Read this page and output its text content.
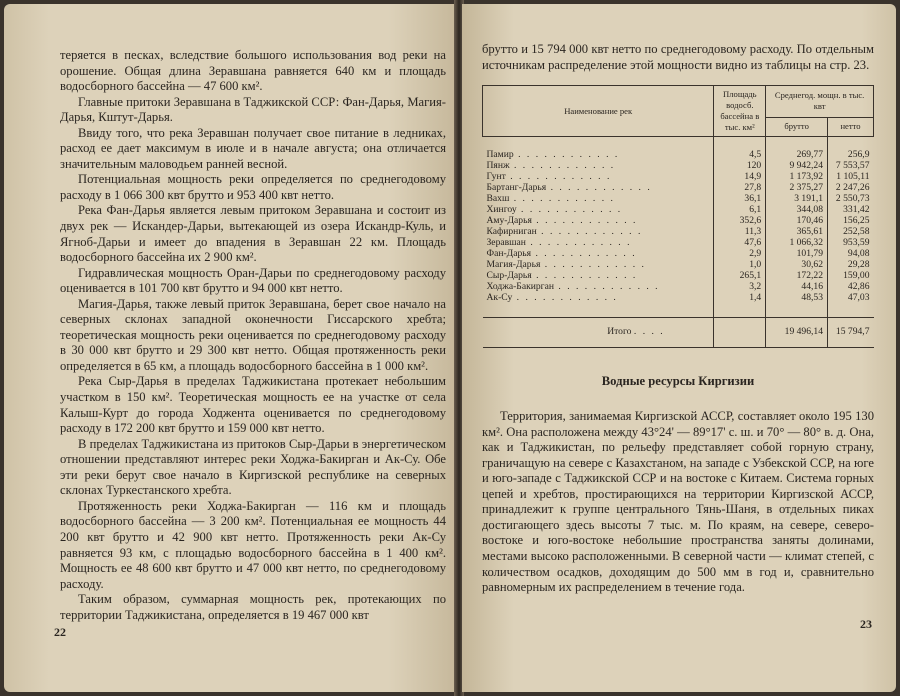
теряется в песках, вследствие большого использования вод реки на орошение. Общая длина Зеравшана равняется 640 км и площадь водосборного бассейна — 47 600 км².

Главные притоки Зеравшана в Таджикской ССР: Фан-Дарья, Магия-Дарья, Кштут-Дарья.

Ввиду того, что река Зеравшан получает свое питание в ледниках, расход ее дает максимум в июле и в начале августа; она отличается значительным маловодьем ранней весной.

Потенциальная мощность реки определяется по среднегодовому расходу в 1 066 300 квт брутто и 953 400 квт нетто.

Река Фан-Дарья является левым притоком Зеравшана и состоит из двух рек — Искандер-Дарьи, вытекающей из озера Искандр-Куль, и Ягноб-Дарьи и имеет до впадения в Зеравшан 22 км. Площадь водосборного бассейна их 2 900 км².

Гидравлическая мощность Оран-Дарьи по среднегодовому расходу оценивается в 101 700 квт брутто и 94 000 квт нетто.

Магия-Дарья, также левый приток Зеравшана, берет свое начало на северных склонах западной оконечности Гиссарского хребта; теоретическая мощность реки оценивается по среднегодовому расходу в 30 000 квт брутто и 29 300 квт нетто. Общая протяженность реки определяется в 65 км, а площадь водосборного бассейна в 1 000 км².

Река Сыр-Дарья в пределах Таджикистана протекает небольшим участком в 150 км². Теоретическая мощность ее на участке от села Калыш-Курт до города Ходжента оценивается по среднегодовому расходу в 172 200 квт брутто и 159 000 квт нетто.

В пределах Таджикистана из притоков Сыр-Дарьи в энергетическом отношении представляют интерес реки Ходжа-Бакирган и Ак-Су. Обе эти реки берут свое начало в Киргизской республике на северных склонах Туркестанского хребта.

Протяженность реки Ходжа-Бакирган — 116 км и площадь водосборного бассейна — 3 200 км². Потенциальная ее мощность 44 200 квт брутто и 42 900 квт нетто. Протяженность реки Ак-Су равняется 93 км, с площадью водосборного бассейна в 1 400 км². Мощность ее 48 600 квт брутто и 47 000 квт нетто, по среднегодовому расходу.

Таким образом, суммарная мощность рек, протекающих по территории Таджикистана, определяется в 19 467 000 квт

22

брутто и 15 794 000 квт нетто по среднегодовому расходу. По отдельным источникам распределение этой мощности видно из таблицы на стр. 23.

Наименование рек	Площадь водосб. бассейна в тыс. км²	Среднегод. мощн. в тыс. квт	
		брутто	нетто
Памир . . . . . . . . . . . .	4,5	269,77	256,9
Пянж . . . . . . . . . . . .	120	9 942,24	7 553,57
Гунт . . . . . . . . . . . .	14,9	1 173,92	1 105,11
Бартанг-Дарья . . . . . . . . . . . .	27,8	2 375,27	2 247,26
Вахш . . . . . . . . . . . .	36,1	3 191,1	2 550,73
Хингоу . . . . . . . . . . . .	6,1	344,08	331,42
Аму-Дарья . . . . . . . . . . . .	352,6	170,46	156,25
Кафирниган . . . . . . . . . . . .	11,3	365,61	252,58
Зеравшан . . . . . . . . . . . .	47,6	1 066,32	953,59
Фан-Дарья . . . . . . . . . . . .	2,9	101,79	94,08
Магия-Дарья . . . . . . . . . . . .	1,0	30,62	29,28
Сыр-Дарья . . . . . . . . . . . .	265,1	172,22	159,00
Ходжа-Бакирган . . . . . . . . . . . .	3,2	44,16	42,86
Ак-Су . . . . . . . . . . . .	1,4	48,53	47,03
Итого . . . .		19 496,14	15 794,7
Водные ресурсы Киргизии

Территория, занимаемая Киргизской АССР, составляет около 195 130 км². Она расположена между 43°24' — 89°17' с. ш. и 70° — 80° в. д. Она, как и Таджикистан, по рельефу представляет собой горную страну, граничащую на севере с Казахстаном, на западе с Узбекской ССР, на юге и юго-западе с Таджикской ССР и на востоке с Китаем. Система горных цепей и хребтов, простирающихся на территории Киргизской АССР, принадлежит к группе центрального Тянь-Шаня, в отдельных пиках достигающего здесь высоты 7 тыс. м. По краям, на севере, северо-востоке и юго-востоке небольшие пространства заняты долинами, местами высоко расположенными. В северной части — климат степей, с количеством осадков, доходящим до 500 мм в год и, сравнительно равномерным их распределением в течение года.

23
